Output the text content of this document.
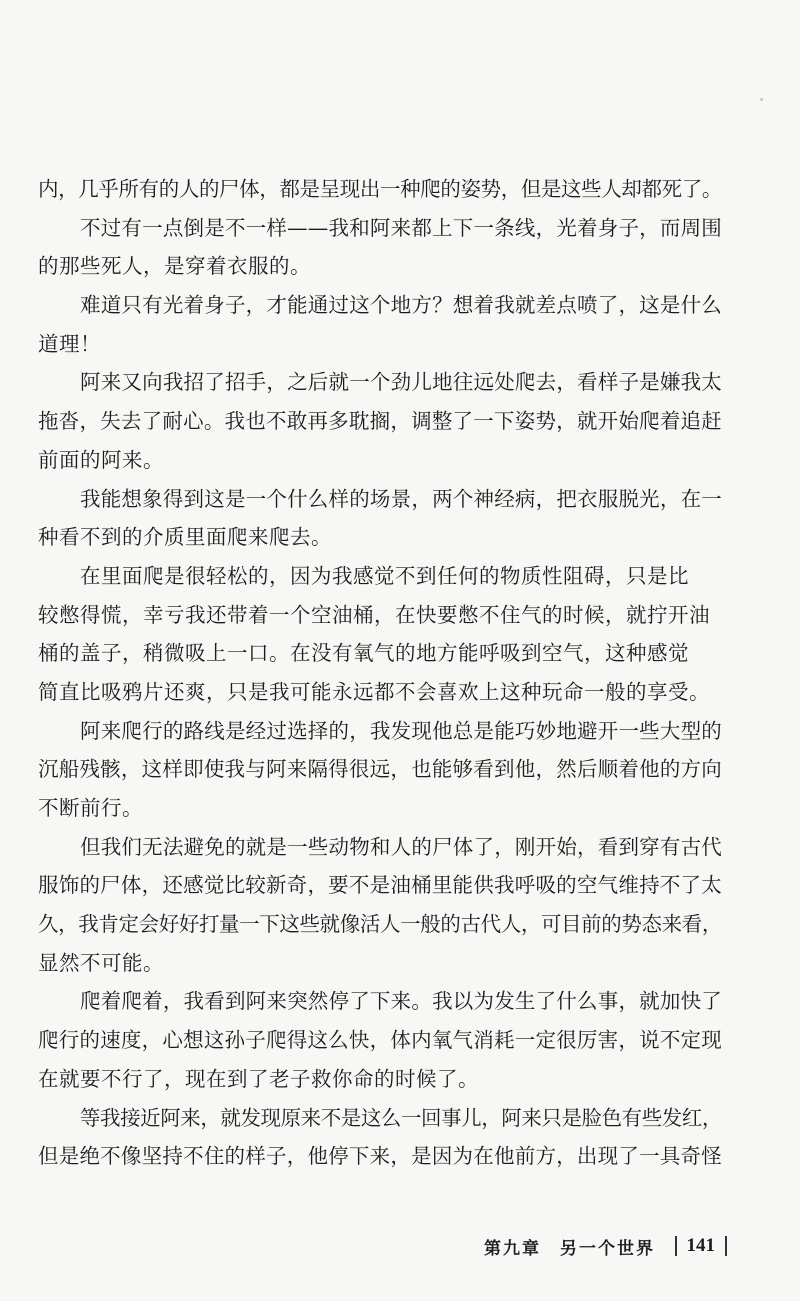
内，几乎所有的人的尸体，都是呈现出一种爬的姿势，但是这些人却都死了。
不过有一点倒是不一样——我和阿来都上下一条线，光着身子，而周围
的那些死人，是穿着衣服的。
难道只有光着身子，才能通过这个地方？想着我就差点喷了，这是什么
道理！
阿来又向我招了招手，之后就一个劲儿地往远处爬去，看样子是嫌我太
拖沓，失去了耐心。我也不敢再多耽搁，调整了一下姿势，就开始爬着追赶
前面的阿来。
我能想象得到这是一个什么样的场景，两个神经病，把衣服脱光，在一
种看不到的介质里面爬来爬去。
在里面爬是很轻松的，因为我感觉不到任何的物质性阻碍，只是比
较憋得慌，幸亏我还带着一个空油桶，在快要憋不住气的时候，就拧开油
桶的盖子，稍微吸上一口。在没有氧气的地方能呼吸到空气，这种感觉
简直比吸鸦片还爽，只是我可能永远都不会喜欢上这种玩命一般的享受。
阿来爬行的路线是经过选择的，我发现他总是能巧妙地避开一些大型的
沉船残骸，这样即使我与阿来隔得很远，也能够看到他，然后顺着他的方向
不断前行。
但我们无法避免的就是一些动物和人的尸体了，刚开始，看到穿有古代
服饰的尸体，还感觉比较新奇，要不是油桶里能供我呼吸的空气维持不了太
久，我肯定会好好打量一下这些就像活人一般的古代人，可目前的势态来看，
显然不可能。
爬着爬着，我看到阿来突然停了下来。我以为发生了什么事，就加快了
爬行的速度，心想这孙子爬得这么快，体内氧气消耗一定很厉害，说不定现
在就要不行了，现在到了老子救你命的时候了。
等我接近阿来，就发现原来不是这么一回事儿，阿来只是脸色有些发红，
但是绝不像坚持不住的样子，他停下来，是因为在他前方，出现了一具奇怪
第九章　另一个世界 141
